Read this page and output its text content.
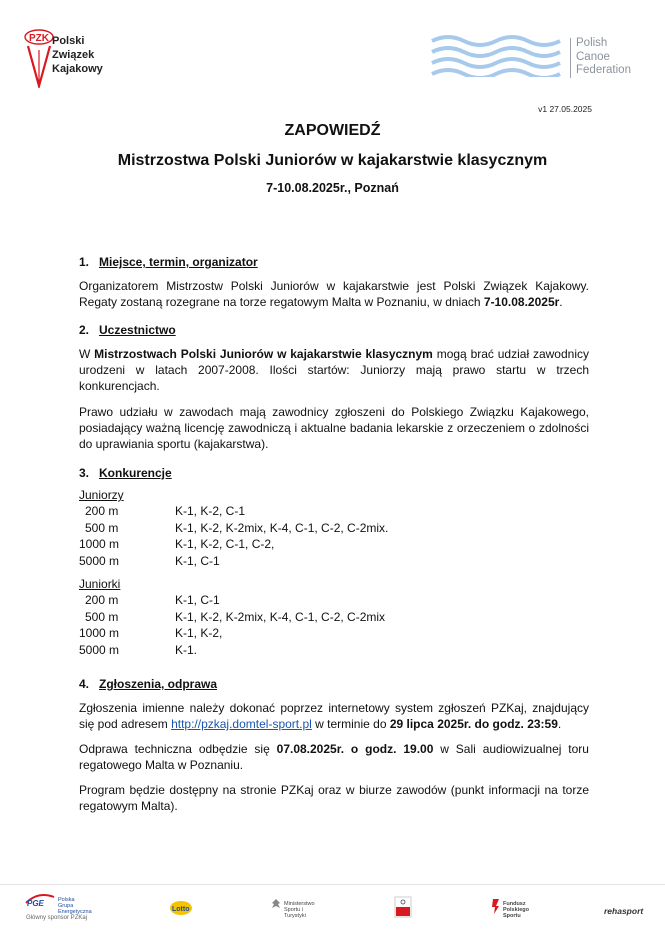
PZK Polski
Związek
Kajakowy
Polish
Canoe
Federation
v1 27.05.2025
ZAPOWIEDŹ
Mistrzostwa Polski Juniorów w kajakarstwie klasycznym
7-10.08.2025r., Poznań
1. Miejsce, termin, organizator

Organizatorem Mistrzostw Polski Juniorów w kajakarstwie jest Polski Związek Kajakowy. Regaty zostaną rozegrane na torze regatowym Malta w Poznaniu, w dniach 7-10.08.2025r.

2. Uczestnictwo

W Mistrzostwach Polski Juniorów w kajakarstwie klasycznym mogą brać udział zawodnicy urodzeni w latach 2007-2008. Ilości startów: Juniorzy mają prawo startu w trzech konkurencjach.

Prawo udziału w zawodach mają zawodnicy zgłoszeni do Polskiego Związku Kajakowego, posiadający ważną licencję zawodniczą i aktualne badania lekarskie z orzeczeniem o zdolności do uprawiania sportu (kajakarstwa).

3. Konkurencje
Juniorzy
200 m	K-1, K-2, C-1
500 m	K-1, K-2, K-2mix, K-4, C-1, C-2, C-2mix.
1000 m	K-1, K-2, C-1, C-2,
5000 m	K-1, C-1
Juniorki
200 m	K-1, C-1
500 m	K-1, K-2, K-2mix, K-4, C-1, C-2, C-2mix
1000 m	K-1, K-2,
5000 m	K-1.
4. Zgłoszenia, odprawa

Zgłoszenia imienne należy dokonać poprzez internetowy system zgłoszeń PZKaj, znajdujący się pod adresem http://pzkaj.domtel-sport.pl w terminie do 29 lipca 2025r. do godz. 23:59.

Odprawa techniczna odbędzie się 07.08.2025r. o godz. 19.00 w Sali audiowizualnej toru regatowego Malta w Poznaniu.

Program będzie dostępny na stronie PZKaj oraz w biurze zawodów (punkt informacji na torze regatowym Malta).

PGE	Polska Grupa Energetyczna
Główny sponsor PZKaj
Lotto
Ministerstwo Sportu i Turystyki
Fundusz Polskiego Sportu	rehasport
